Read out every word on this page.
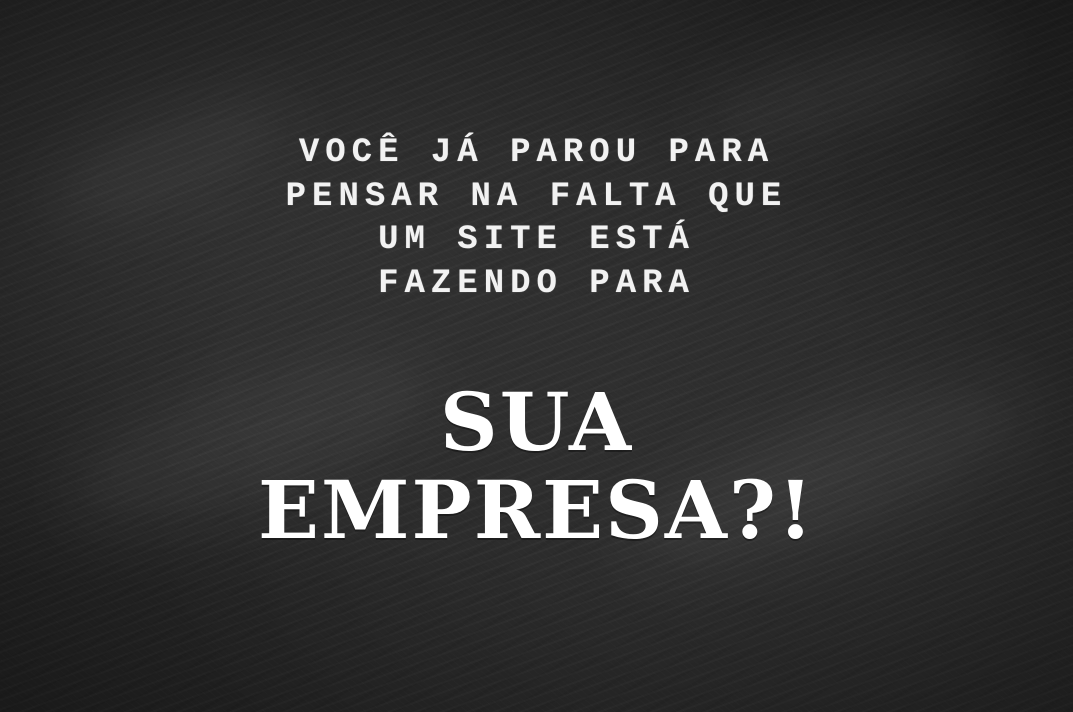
VOCÊ JÁ PAROU PARA
PENSAR NA FALTA QUE
UM SITE ESTÁ
FAZENDO PARA

SUA
EMPRESA?!
